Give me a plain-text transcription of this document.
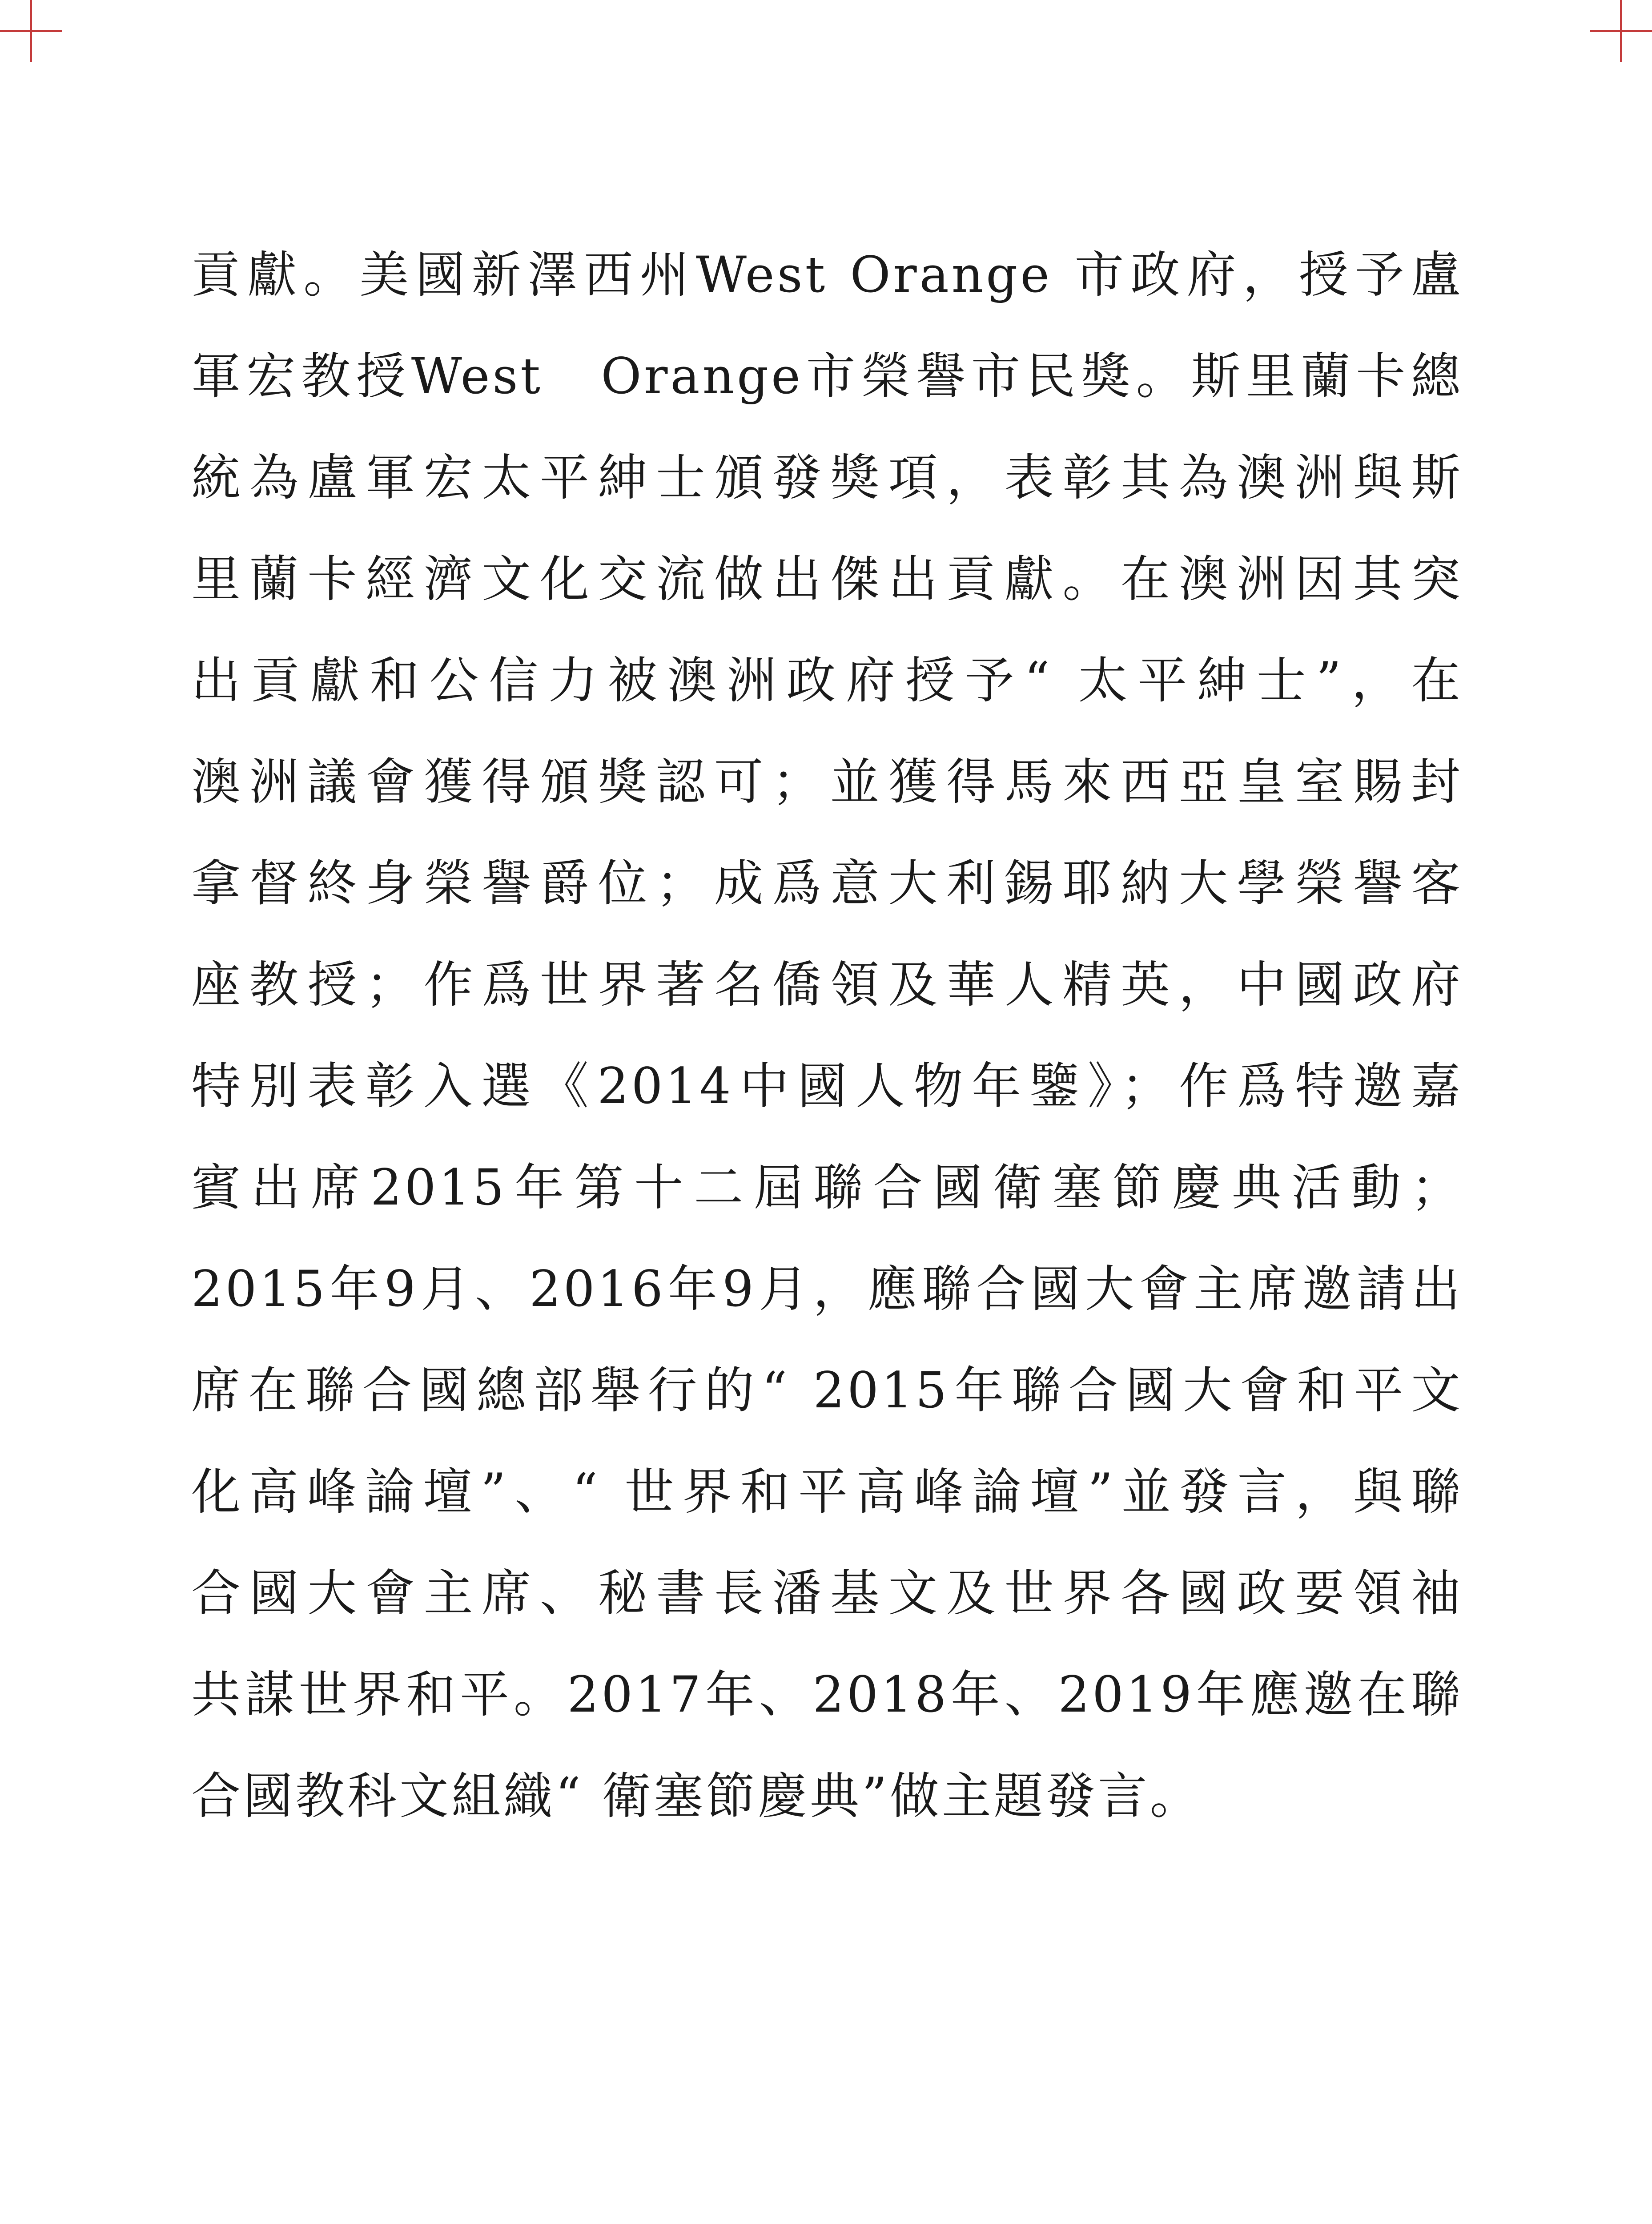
貢獻。美國新澤西州West Orange 市政府，授予盧
軍宏教授West　Orange市榮譽市民獎。斯里蘭卡總
統為盧軍宏太平紳士頒發獎項，表彰其為澳洲與斯
里蘭卡經濟文化交流做出傑出貢獻。在澳洲因其突
出貢獻和公信力被澳洲政府授予“ 太平紳士”，在
澳洲議會獲得頒獎認可；並獲得馬來西亞皇室賜封
拿督終身榮譽爵位；成爲意大利錫耶納大學榮譽客
座教授；作爲世界著名僑領及華人精英，中國政府
特別表彰入選《2014中國人物年鑒》；作爲特邀嘉
賓出席2015年第十二屆聯合國衛塞節慶典活動；
2015年9月、2016年9月，應聯合國大會主席邀請出
席在聯合國總部舉行的“ 2015年聯合國大會和平文
化高峰論壇”、“ 世界和平高峰論壇”並發言，與聯
合國大會主席、秘書長潘基文及世界各國政要領袖
共謀世界和平。2017年、2018年、2019年應邀在聯
合國教科文組織“ 衛塞節慶典”做主題發言。
